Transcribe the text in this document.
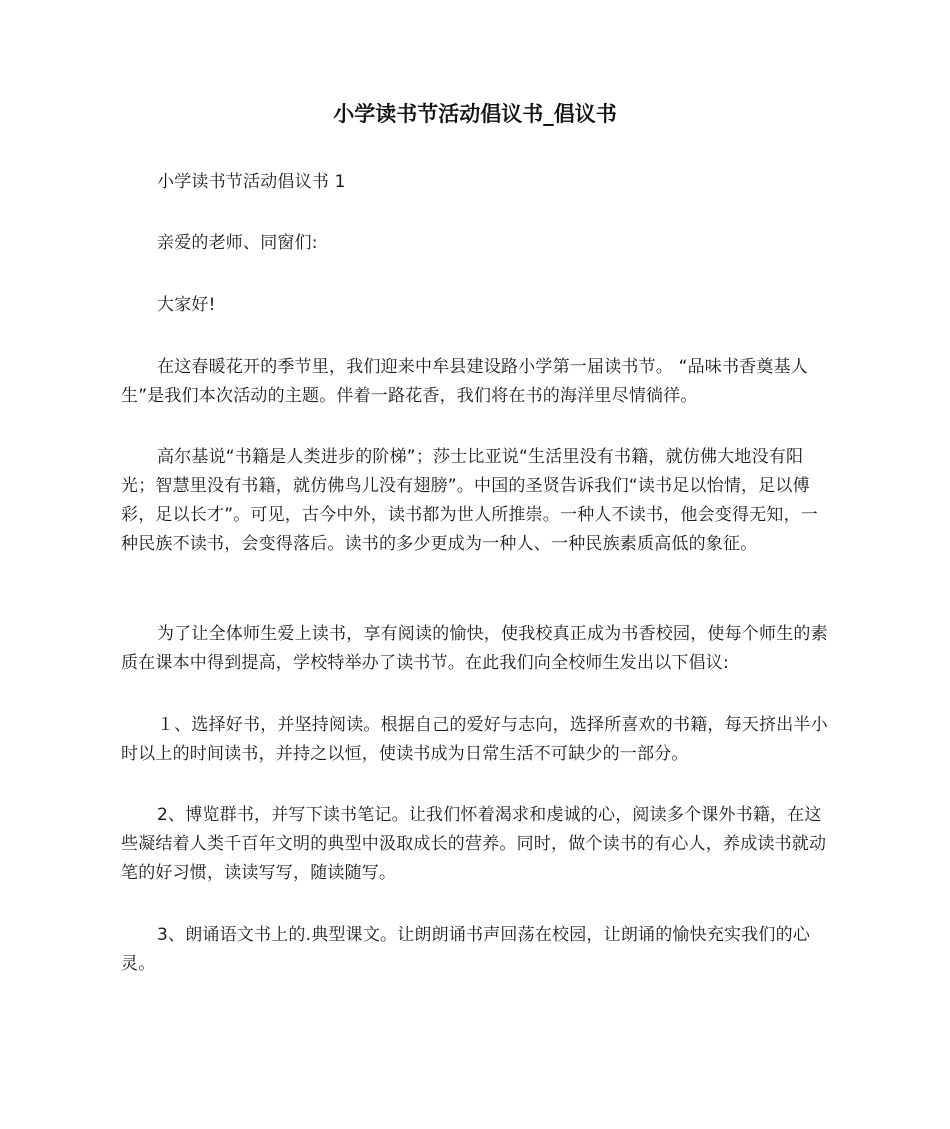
小学读书节活动倡议书_倡议书

小学读书节活动倡议书 1

亲爱的老师、同窗们:

大家好!

在这春暖花开的季节里，我们迎来中牟县建设路小学第一届读书节。 “品味书香奠基人生”是我们本次活动的主题。伴着一路花香，我们将在书的海洋里尽情徜徉。

高尔基说“书籍是人类进步的阶梯”；莎士比亚说“生活里没有书籍，就仿佛大地没有阳光；智慧里没有书籍，就仿佛鸟儿没有翅膀”。中国的圣贤告诉我们“读书足以怡情，足以傅彩，足以长才”。可见，古今中外，读书都为世人所推崇。一种人不读书，他会变得无知，一种民族不读书，会变得落后。读书的多少更成为一种人、一种民族素质高低的象征。

为了让全体师生爱上读书，享有阅读的愉快，使我校真正成为书香校园，使每个师生的素质在课本中得到提高，学校特举办了读书节。在此我们向全校师生发出以下倡议:

１、选择好书，并坚持阅读。根据自己的爱好与志向，选择所喜欢的书籍，每天挤出半小时以上的时间读书，并持之以恒，使读书成为日常生活不可缺少的一部分。

2、博览群书，并写下读书笔记。让我们怀着渴求和虔诚的心，阅读多个课外书籍，在这些凝结着人类千百年文明的典型中汲取成长的营养。同时，做个读书的有心人，养成读书就动笔的好习惯，读读写写，随读随写。

3、朗诵语文书上的.典型课文。让朗朗诵书声回荡在校园，让朗诵的愉快充实我们的心灵。
